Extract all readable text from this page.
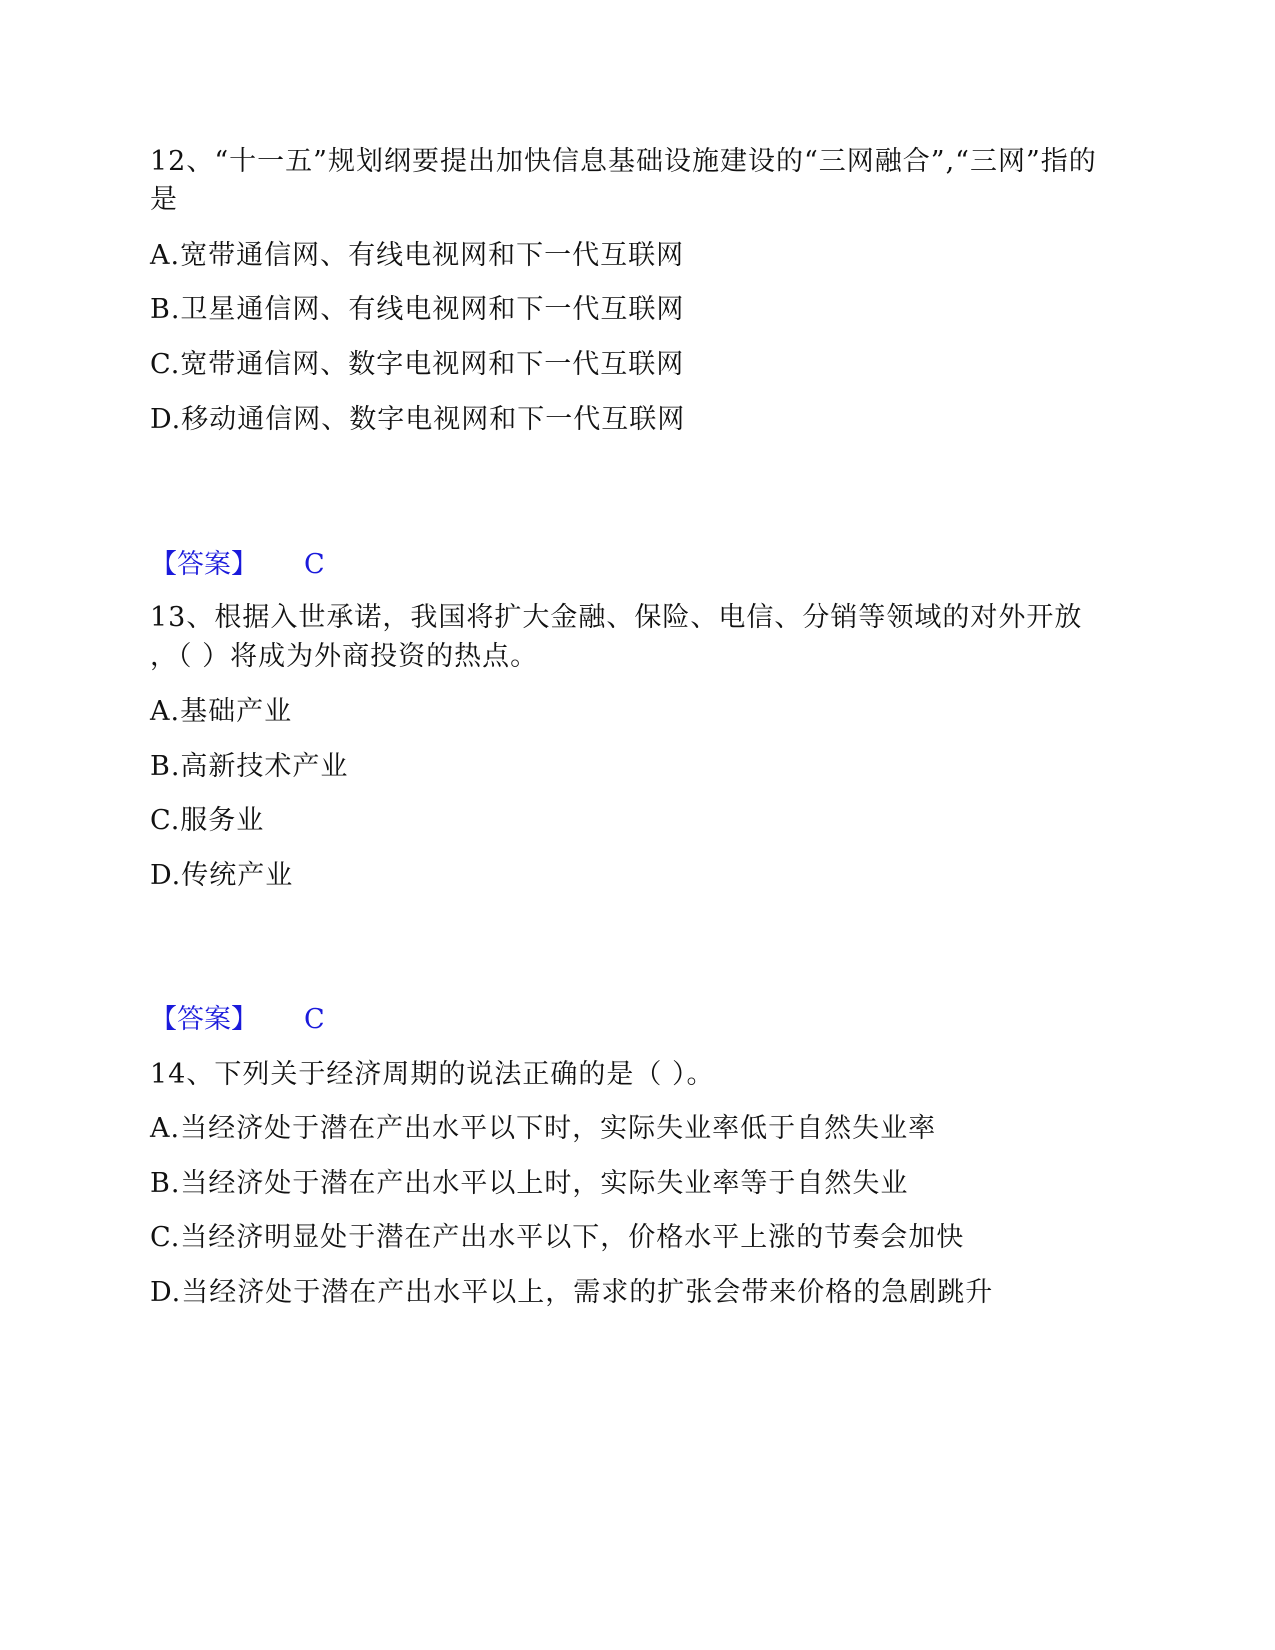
12、“十一五”规划纲要提出加快信息基础设施建设的“三网融合”,“三网”指的
是
A.宽带通信网、有线电视网和下一代互联网
B.卫星通信网、有线电视网和下一代互联网
C.宽带通信网、数字电视网和下一代互联网
D.移动通信网、数字电视网和下一代互联网
【答案】 C
13、根据入世承诺，我国将扩大金融、保险、电信、分销等领域的对外开放
，（ ）将成为外商投资的热点。
A.基础产业
B.高新技术产业
C.服务业
D.传统产业
【答案】 C
14、下列关于经济周期的说法正确的是（ ）。
A.当经济处于潜在产出水平以下时，实际失业率低于自然失业率
B.当经济处于潜在产出水平以上时，实际失业率等于自然失业
C.当经济明显处于潜在产出水平以下，价格水平上涨的节奏会加快
D.当经济处于潜在产出水平以上，需求的扩张会带来价格的急剧跳升
